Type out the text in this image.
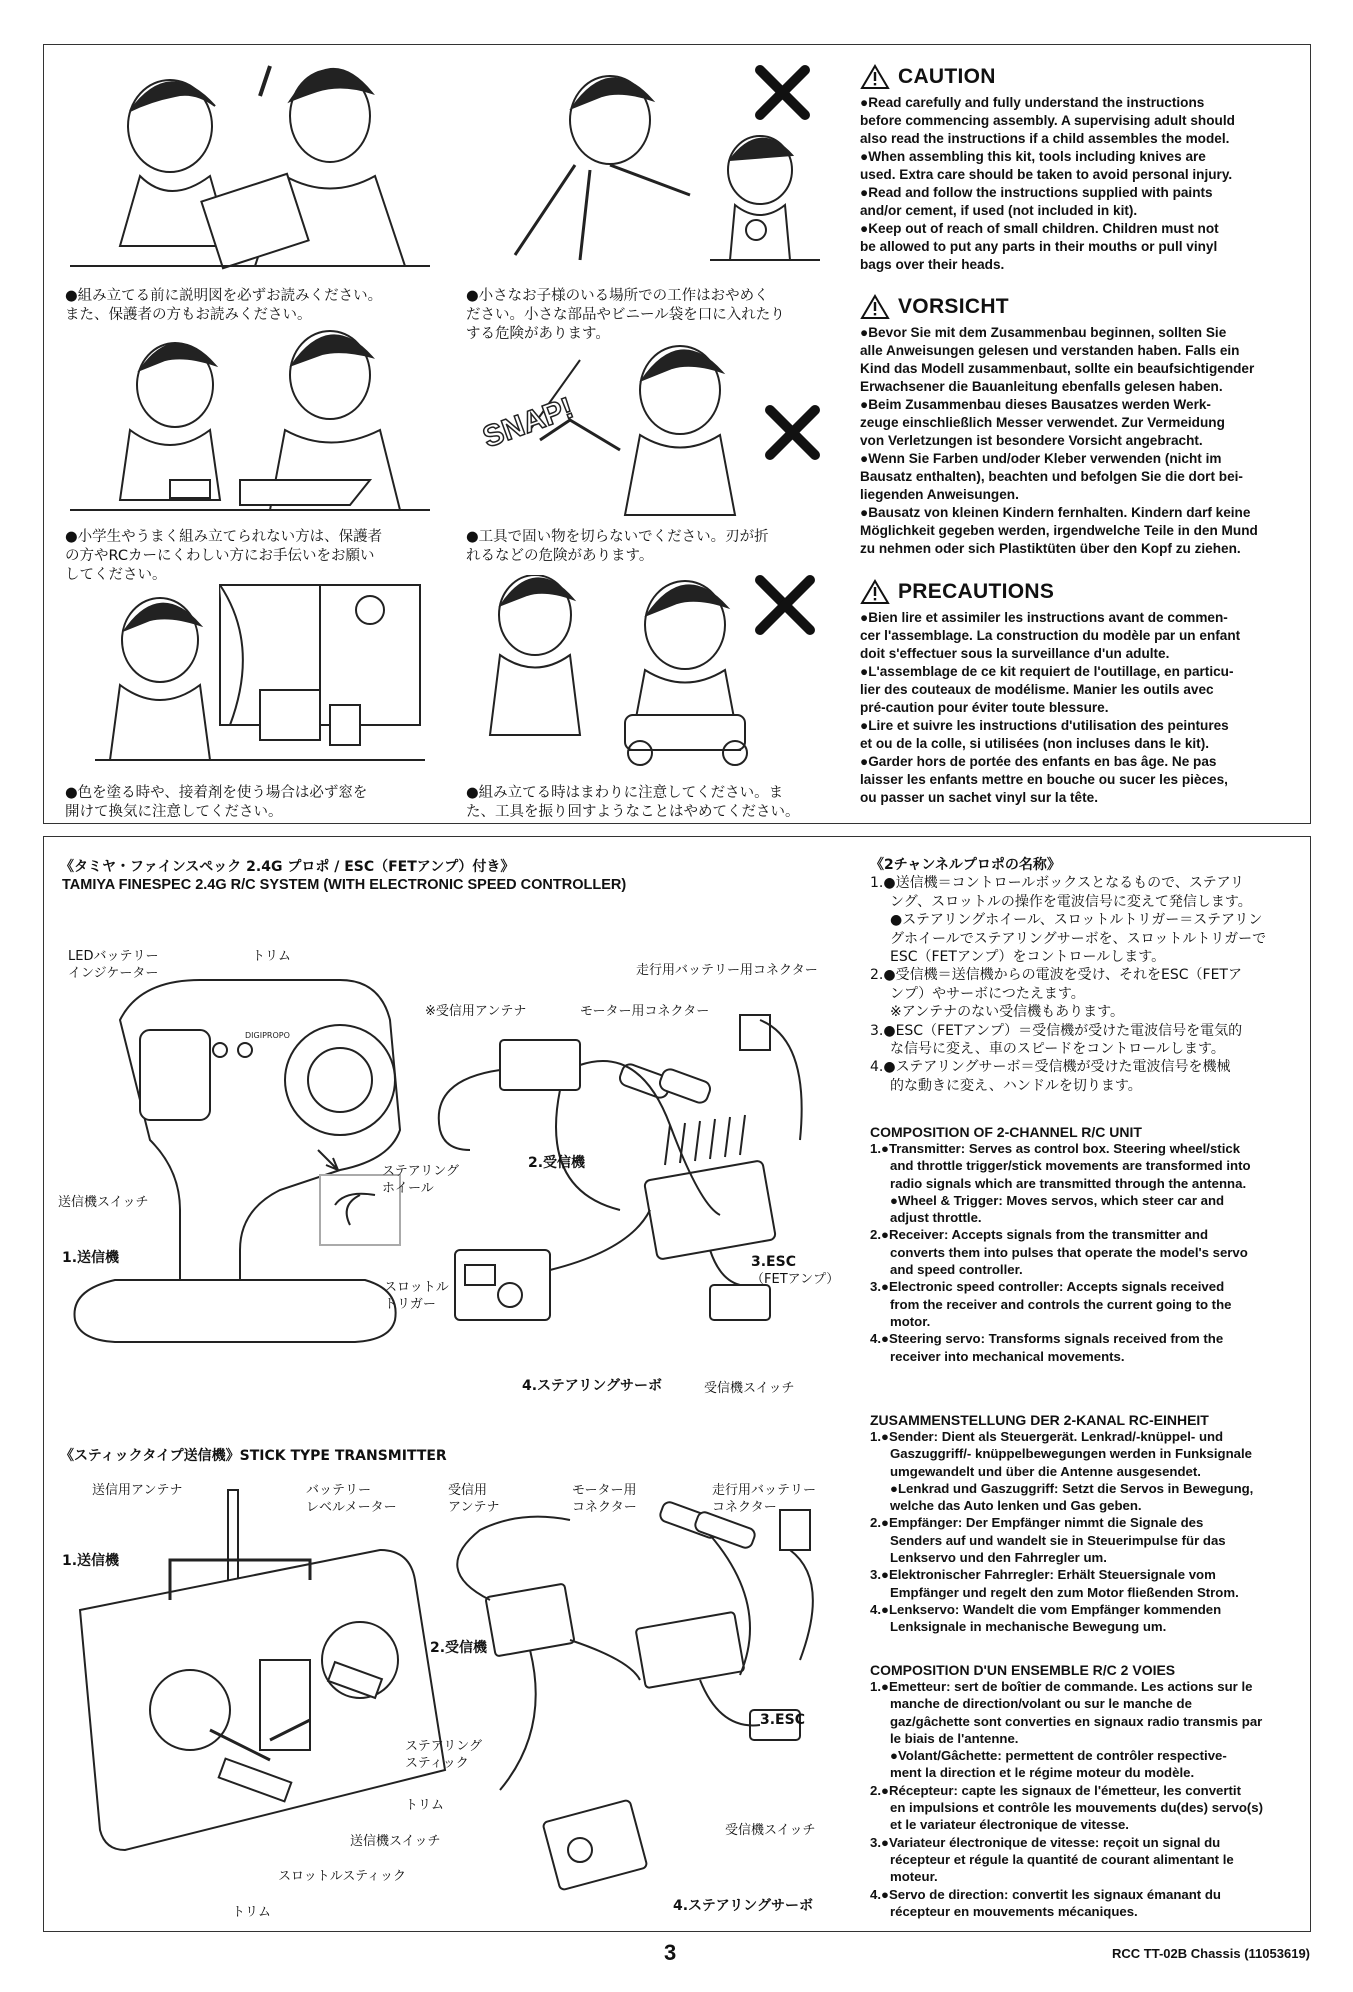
●組み立てる前に説明図を必ずお読みください。
また、保護者の方もお読みください。
●小学生やうまく組み立てられない方は、保護者
の方やRCカーにくわしい方にお手伝いをお願い
してください。
●色を塗る時や、接着剤を使う場合は必ず窓を
開けて換気に注意してください。
●小さなお子様のいる場所での工作はおやめく
ださい。小さな部品やビニール袋を口に入れたり
する危険があります。
SNAP!
●工具で固い物を切らないでください。刃が折
れるなどの危険があります。
●組み立てる時はまわりに注意してください。ま
た、工具を振り回すようなことはやめてください。
CAUTION
●Read carefully and fully understand the instructions
before commencing assembly. A supervising adult should
also read the instructions if a child assembles the model.
●When assembling this kit, tools including knives are
used. Extra care should be taken to avoid personal injury.
●Read and follow the instructions supplied with paints
and/or cement, if used (not included in kit).
●Keep out of reach of small children. Children must not
be allowed to put any parts in their mouths or pull vinyl
bags over their heads.
VORSICHT
●Bevor Sie mit dem Zusammenbau beginnen, sollten Sie
alle Anweisungen gelesen und verstanden haben. Falls ein
Kind das Modell zusammenbaut, sollte ein beaufsichtigender
Erwachsener die Bauanleitung ebenfalls gelesen haben.
●Beim Zusammenbau dieses Bausatzes werden Werk-
zeuge einschließlich Messer verwendet. Zur Vermeidung
von Verletzungen ist besondere Vorsicht angebracht.
●Wenn Sie Farben und/oder Kleber verwenden (nicht im
Bausatz enthalten), beachten und befolgen Sie die dort bei-
liegenden Anweisungen.
●Bausatz von kleinen Kindern fernhalten. Kindern darf keine
Möglichkeit gegeben werden, irgendwelche Teile in den Mund
zu nehmen oder sich Plastiktüten über den Kopf zu ziehen.
PRECAUTIONS
●Bien lire et assimiler les instructions avant de commen-
cer l'assemblage. La construction du modèle par un enfant
doit s'effectuer sous la surveillance d'un adulte.
●L'assemblage de ce kit requiert de l'outillage, en particu-
lier des couteaux de modélisme. Manier les outils avec
pré-caution pour éviter toute blessure.
●Lire et suivre les instructions d'utilisation des peintures
et ou de la colle, si utilisées (non incluses dans le kit).
●Garder hors de portée des enfants en bas âge. Ne pas
laisser les enfants mettre en bouche ou sucer les pièces,
ou passer un sachet vinyl sur la tête.
《タミヤ・ファインスペック 2.4G プロポ / ESC（FETアンプ）付き》
TAMIYA FINESPEC 2.4G R/C SYSTEM (WITH ELECTRONIC SPEED CONTROLLER)
DIGIPROPO
LEDバッテリー
インジケーター
トリム
走行用バッテリー用コネクター
※受信用アンテナ	モーター用コネクター
ステアリング
ホイール
2.受信機
送信機スイッチ
1.送信機
スロットル
トリガー
3.ESC
（FETアンプ）
4.ステアリングサーボ	受信機スイッチ
《スティックタイプ送信機》STICK TYPE TRANSMITTER
送信用アンテナ	バッテリー
レベルメーター
受信用
アンテナ
モーター用
コネクター
走行用バッテリー
コネクター
1.送信機
2.受信機
3.ESC
ステアリング
スティック
トリム
送信機スイッチ
スロットルスティック
トリム
受信機スイッチ
4.ステアリングサーボ
《2チャンネルプロポの名称》
1.●送信機＝コントロールボックスとなるもので、ステアリ
ング、スロットルの操作を電波信号に変えて発信します。
●ステアリングホイール、スロットルトリガー＝ステアリン
グホイールでステアリングサーボを、スロットルトリガーで
ESC（FETアンプ）をコントロールします。
2.●受信機＝送信機からの電波を受け、それをESC（FETア
ンプ）やサーボにつたえます。
※アンテナのない受信機もあります。
3.●ESC（FETアンプ）＝受信機が受けた電波信号を電気的
な信号に変え、車のスピードをコントロールします。
4.●ステアリングサーボ＝受信機が受けた電波信号を機械
的な動きに変え、ハンドルを切ります。
COMPOSITION OF 2-CHANNEL R/C UNIT
1.●Transmitter: Serves as control box. Steering wheel/stick
and throttle trigger/stick movements are transformed into
radio signals which are transmitted through the antenna.
●Wheel & Trigger: Moves servos, which steer car and
adjust throttle.
2.●Receiver: Accepts signals from the transmitter and
converts them into pulses that operate the model's servo
and speed controller.
3.●Electronic speed controller: Accepts signals received
from the receiver and controls the current going to the
motor.
4.●Steering servo: Transforms signals received from the
receiver into mechanical movements.
ZUSAMMENSTELLUNG DER 2-KANAL RC-EINHEIT
1.●Sender: Dient als Steuergerät. Lenkrad/-knüppel- und
Gaszuggriff/- knüppelbewegungen werden in Funksignale
umgewandelt und über die Antenne ausgesendet.
●Lenkrad und Gaszuggriff: Setzt die Servos in Bewegung,
welche das Auto lenken und Gas geben.
2.●Empfänger: Der Empfänger nimmt die Signale des
Senders auf und wandelt sie in Steuerimpulse für das
Lenkservo und den Fahrregler um.
3.●Elektronischer Fahrregler: Erhält Steuersignale vom
Empfänger und regelt den zum Motor fließenden Strom.
4.●Lenkservo: Wandelt die vom Empfänger kommenden
Lenksignale in mechanische Bewegung um.
COMPOSITION D'UN ENSEMBLE R/C 2 VOIES
1.●Emetteur: sert de boîtier de commande. Les actions sur le
manche de direction/volant ou sur le manche de
gaz/gâchette sont converties en signaux radio transmis par
le biais de l'antenne.
●Volant/Gâchette: permettent de contrôler respective-
ment la direction et le régime moteur du modèle.
2.●Récepteur: capte les signaux de l'émetteur, les convertit
en impulsions et contrôle les mouvements du(des) servo(s)
et le variateur électronique de vitesse.
3.●Variateur électronique de vitesse: reçoit un signal du
récepteur et régule la quantité de courant alimentant le
moteur.
4.●Servo de direction: convertit les signaux émanant du
récepteur en mouvements mécaniques.
3	RCC TT-02B Chassis (11053619)
